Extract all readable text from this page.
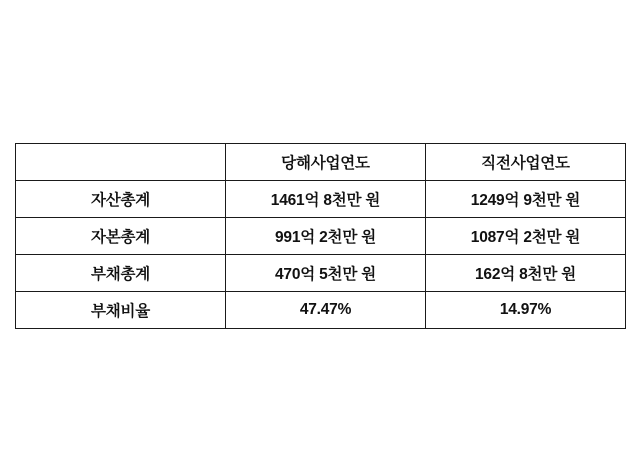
	당해사업연도	직전사업연도
자산총계	1461억 8천만 원	1249억 9천만 원
자본총계	991억 2천만 원	1087억 2천만 원
부채총계	470억 5천만 원	162억 8천만 원
부채비율	47.47%	14.97%
